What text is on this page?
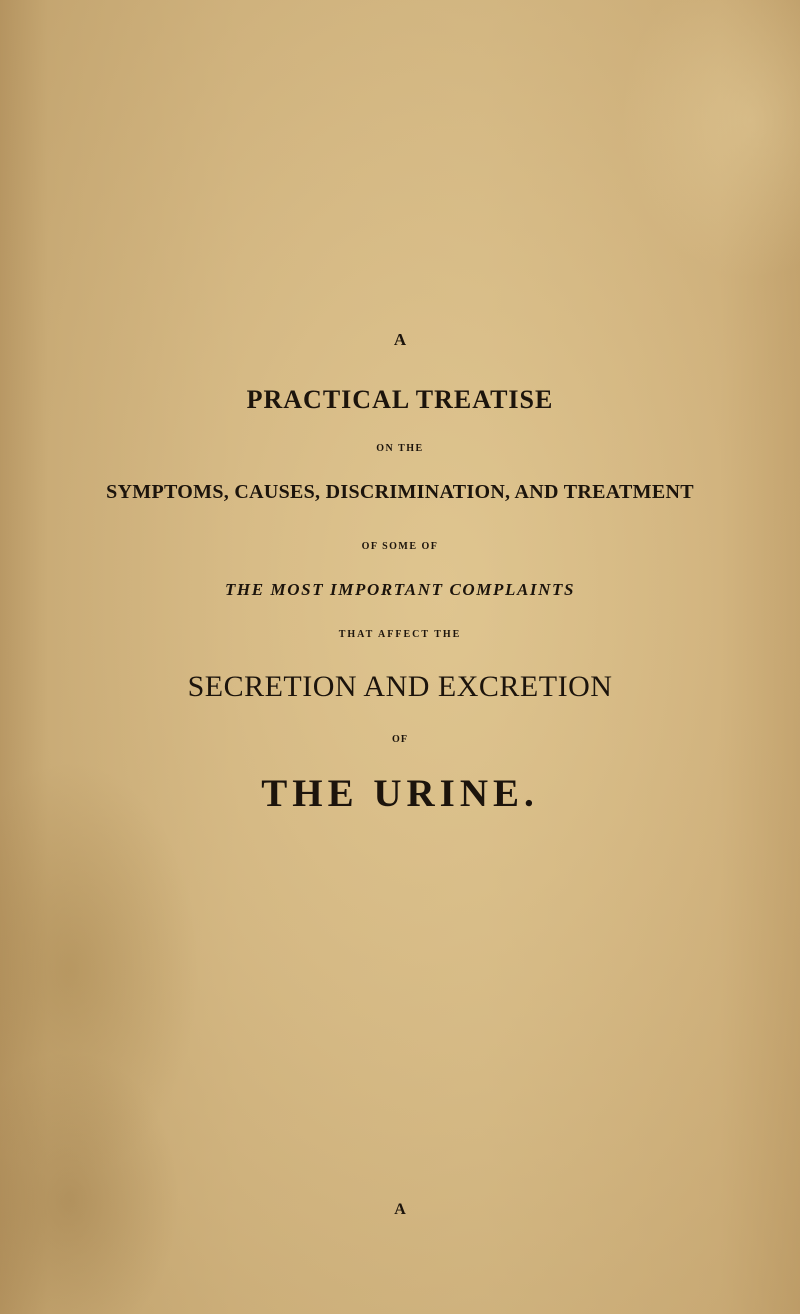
A
PRACTICAL TREATISE
ON THE
SYMPTOMS, CAUSES, DISCRIMINATION, AND TREATMENT
OF SOME OF
THE MOST IMPORTANT COMPLAINTS
THAT AFFECT THE
SECRETION AND EXCRETION
OF
THE URINE.
A
